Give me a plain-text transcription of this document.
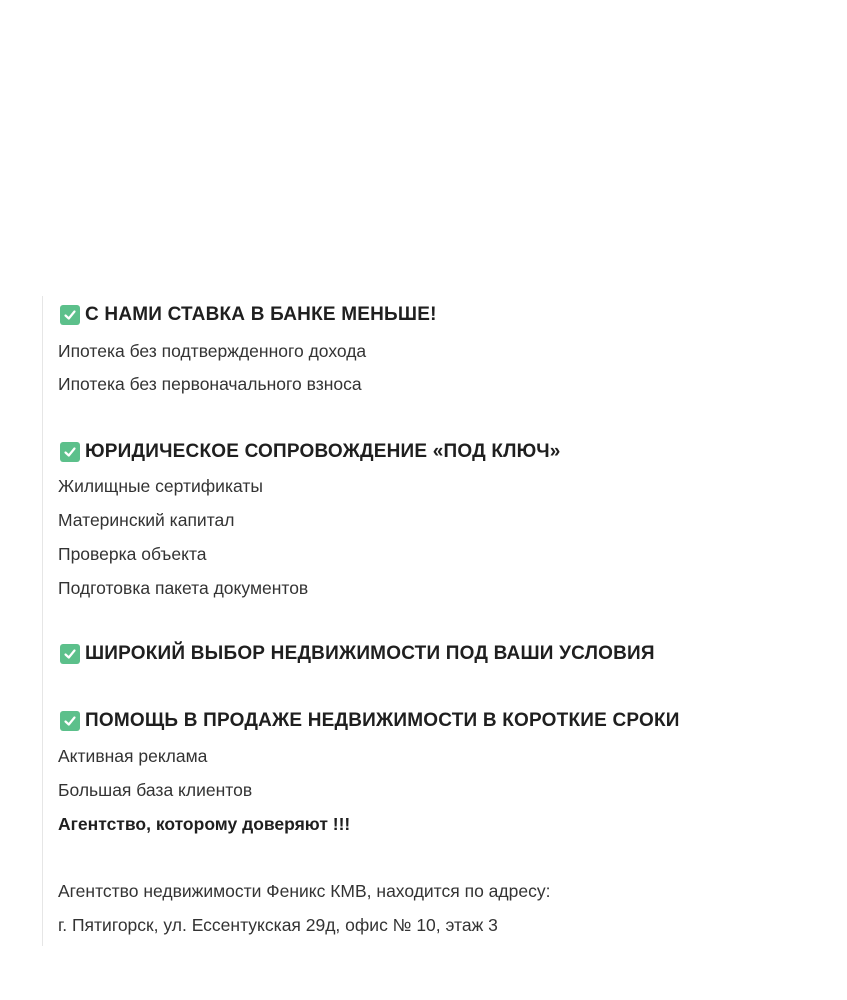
С НАМИ СТАВКА В БАНКЕ МЕНЬШЕ!
Ипотека без подтвержденного дохода
Ипотека без первоначального взноса
ЮРИДИЧЕСКОЕ СОПРОВОЖДЕНИЕ «ПОД КЛЮЧ»
Жилищные сертификаты
Материнский капитал
Проверка объекта
Подготовка пакета документов
ШИРОКИЙ ВЫБОР НЕДВИЖИМОСТИ ПОД ВАШИ УСЛОВИЯ
ПОМОЩЬ В ПРОДАЖЕ НЕДВИЖИМОСТИ В КОРОТКИЕ СРОКИ
Активная реклама
Большая база клиентов
Агентство, которому доверяют !!!
Агентство недвижимости Феникс КМВ, находится по адресу:
г. Пятигорск, ул. Ессентукская 29д, офис № 10, этаж 3
